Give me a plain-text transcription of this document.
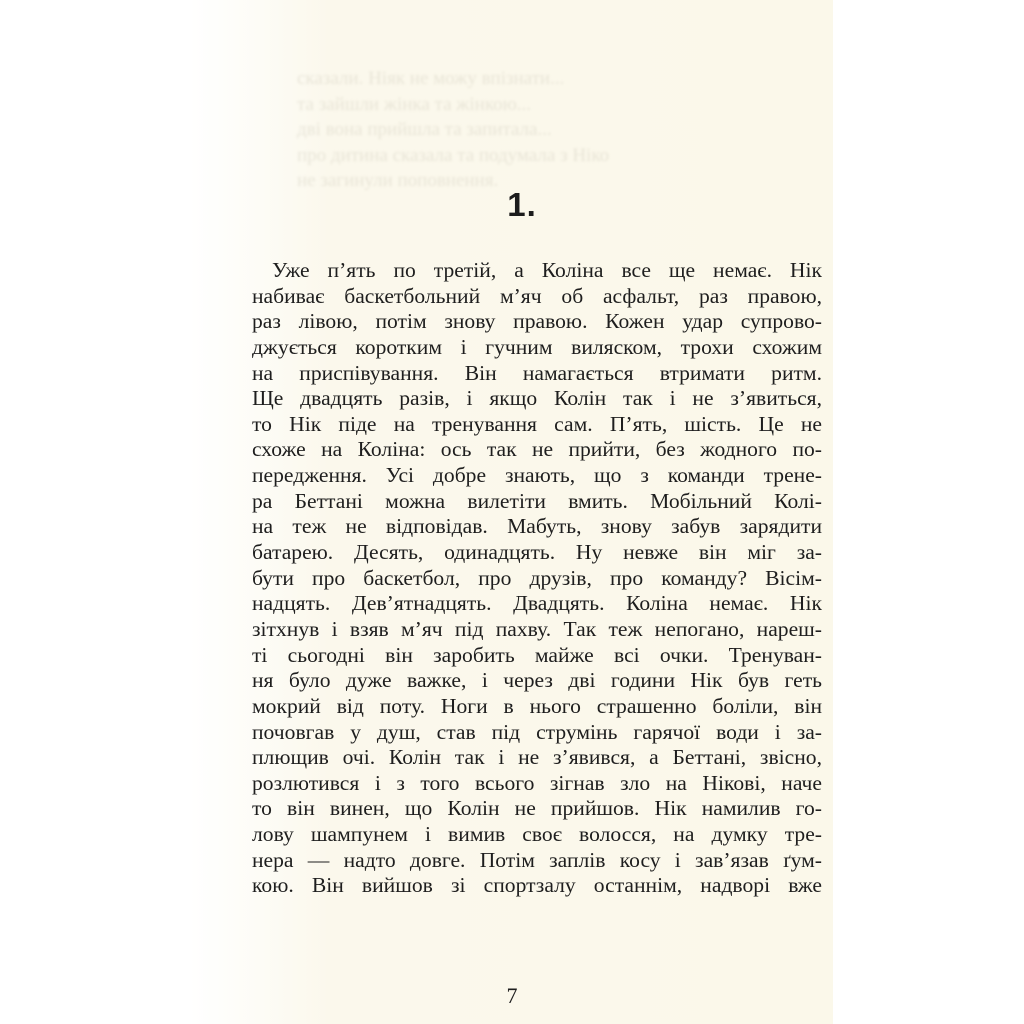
сказали. Ніяк не можу впізнати...
та зайшли жінка та жінкою...
дві вона прийшла та запитала...
про дитина сказала та подумала з Ніко
не загинули поповнення.
1.
Уже п’ять по третій, а Коліна все ще немає. Нік
набиває баскетбольний м’яч об асфальт, раз правою,
раз лівою, потім знову правою. Кожен удар супрово-
джується коротким і гучним виляском, трохи схожим
на приспівування. Він намагається втримати ритм.
Ще двадцять разів, і якщо Колін так і не з’явиться,
то Нік піде на тренування сам. П’ять, шість. Це не
схоже на Коліна: ось так не прийти, без жодного по-
передження. Усі добре знають, що з команди трене-
ра Беттані можна вилетіти вмить. Мобільний Колі-
на теж не відповідав. Мабуть, знову забув зарядити
батарею. Десять, одинадцять. Ну невже він міг за-
бути про баскетбол, про друзів, про команду? Вісім-
надцять. Дев’ятнадцять. Двадцять. Коліна немає. Нік
зітхнув і взяв м’яч під пахву. Так теж непогано, нареш-
ті сьогодні він заробить майже всі очки. Тренуван-
ня було дуже важке, і через дві години Нік був геть
мокрий від поту. Ноги в нього страшенно боліли, він
почовгав у душ, став під струмінь гарячої води і за-
плющив очі. Колін так і не з’явився, а Беттані, звісно,
розлютився і з того всього зігнав зло на Нікові, наче
то він винен, що Колін не прийшов. Нік намилив го-
лову шампунем і вимив своє волосся, на думку тре-
нера — надто довге. Потім заплів косу і зав’язав ґум-
кою. Він вийшов зі спортзалу останнім, надворі вже
7
